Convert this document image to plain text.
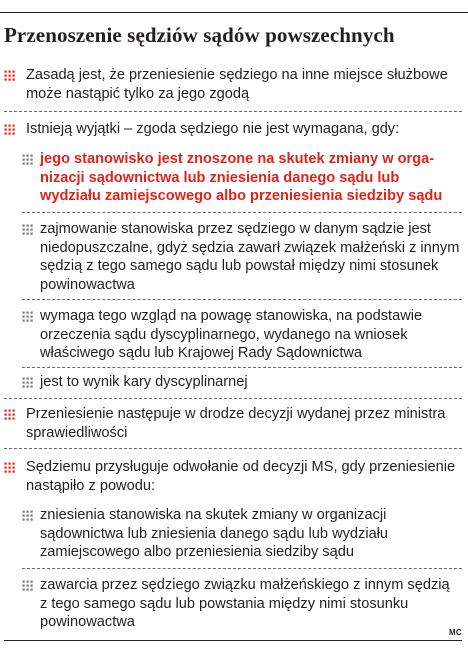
Przenoszenie sędziów sądów powszechnych
Zasadą jest, że przeniesienie sędziego na inne miejsce służbowe
może nastąpić tylko za jego zgodą
Istnieją wyjątki – zgoda sędziego nie jest wymagana, gdy:
jego stanowisko jest znoszone na skutek zmiany w orga-
nizacji sądownictwa lub zniesienia danego sądu lub
wydziału zamiejscowego albo przeniesienia siedziby sądu
zajmowanie stanowiska przez sędziego w danym sądzie jest
niedopuszczalne, gdyż sędzia zawarł związek małżeński z innym
sędzią z tego samego sądu lub powstał między nimi stosunek
powinowactwa
wymaga tego wzgląd na powagę stanowiska, na podstawie
orzeczenia sądu dyscyplinarnego, wydanego na wniosek
właściwego sądu lub Krajowej Rady Sądownictwa
jest to wynik kary dyscyplinarnej
Przeniesienie następuje w drodze decyzji wydanej przez ministra
sprawiedliwości
Sędziemu przysługuje odwołanie od decyzji MS, gdy przeniesienie
nastąpiło z powodu:
zniesienia stanowiska na skutek zmiany w organizacji
sądownictwa lub zniesienia danego sądu lub wydziału
zamiejscowego albo przeniesienia siedziby sądu
zawarcia przez sędziego związku małżeńskiego z innym sędzią
z tego samego sądu lub powstania między nimi stosunku
powinowactwa
MC
